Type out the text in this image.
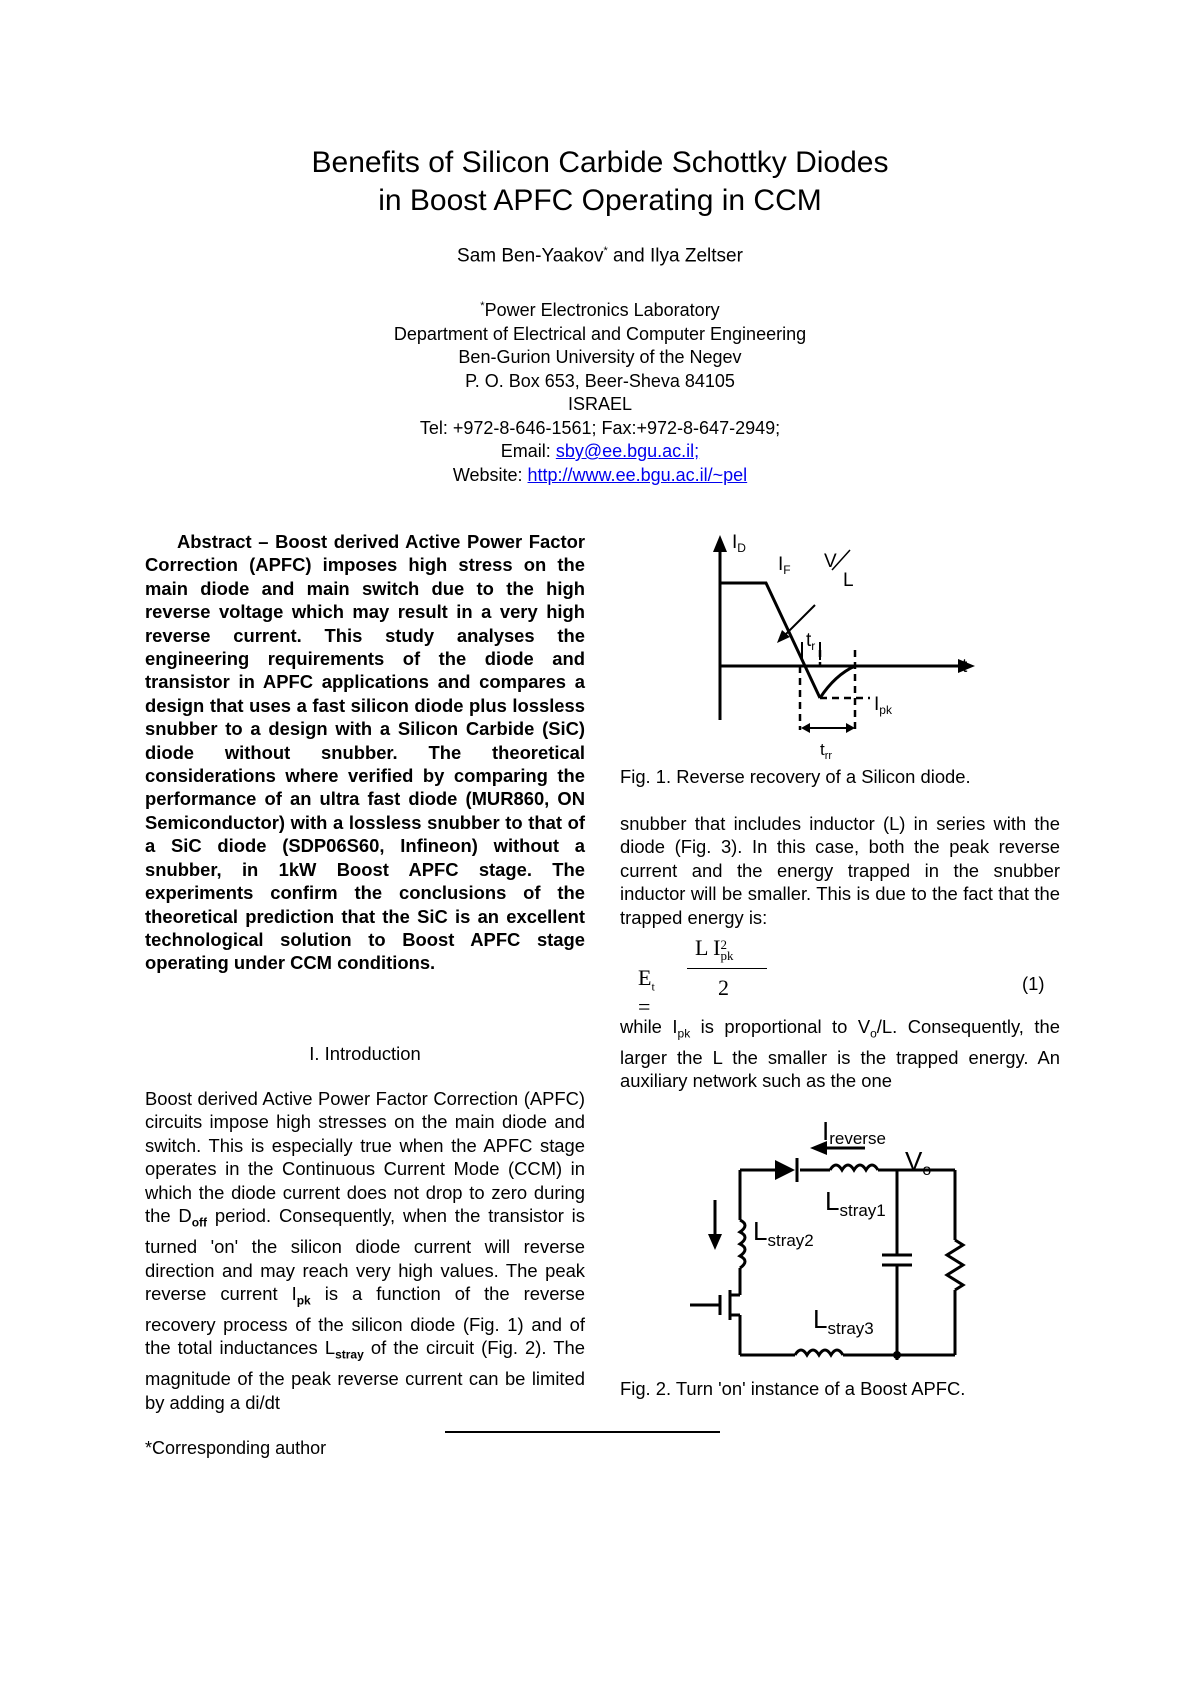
Benefits of Silicon Carbide Schottky Diodes
in Boost APFC Operating in CCM
Sam Ben-Yaakov* and Ilya Zeltser
*Power Electronics Laboratory
Department of Electrical and Computer Engineering
Ben-Gurion University of the Negev
P. O. Box 653, Beer-Sheva 84105
ISRAEL
Tel: +972-8-646-1561; Fax:+972-8-647-2949;
Email: sby@ee.bgu.ac.il;
Website: http://www.ee.bgu.ac.il/~pel
Abstract – Boost derived Active Power Factor Correction (APFC) imposes high stress on the main diode and main switch due to the high reverse voltage which may result in a very high reverse current. This study analyses the engineering requirements of the diode and transistor in APFC applications and compares a design that uses a fast silicon diode plus lossless snubber to a design with a Silicon Carbide (SiC) diode without snubber. The theoretical considerations where verified by comparing the performance of an ultra fast diode (MUR860, ON Semiconductor) with a lossless snubber to that of a SiC diode (SDP06S60, Infineon) without a snubber, in 1kW Boost APFC stage. The experiments confirm the conclusions of the theoretical prediction that the SiC is an excellent technological solution to Boost APFC stage operating under CCM conditions.
I. Introduction
Boost derived Active Power Factor Correction (APFC) circuits impose high stresses on the main diode and switch. This is especially true when the APFC stage operates in the Continuous Current Mode (CCM) in which the diode current does not drop to zero during the $D_{off}$ period. Consequently, when the transistor is turned 'on' the silicon diode current will reverse direction and may reach very high values. The peak reverse current $I_{pk}$ is a function of the reverse recovery process of the silicon diode (Fig. 1) and of the total inductances $L_{stray}$ of the circuit (Fig. 2). The magnitude of the peak reverse current can be limited by adding a di/dt
$I_D$
$I_F$ V
L
$t_r$
t
$I_{pk}$
$t_{rr}$
Fig. 1. Reverse recovery of a Silicon diode.
snubber that includes inductor (L) in series with the diode (Fig. 3). In this case, both the peak reverse current and the energy trapped in the snubber inductor will be smaller. This is due to the fact that the trapped energy is:
$E_t$ =
L I2
pk
2	(1)
while $I_{pk}$ is proportional to $V_o/L$. Consequently, the larger the L the smaller is the trapped energy. An auxiliary network such as the one
Ireverse
Vo
$L_{stray1}$
$L_{stray2}$
$L_{stray3}$
Fig. 2. Turn 'on' instance of a Boost APFC.
*Corresponding author
